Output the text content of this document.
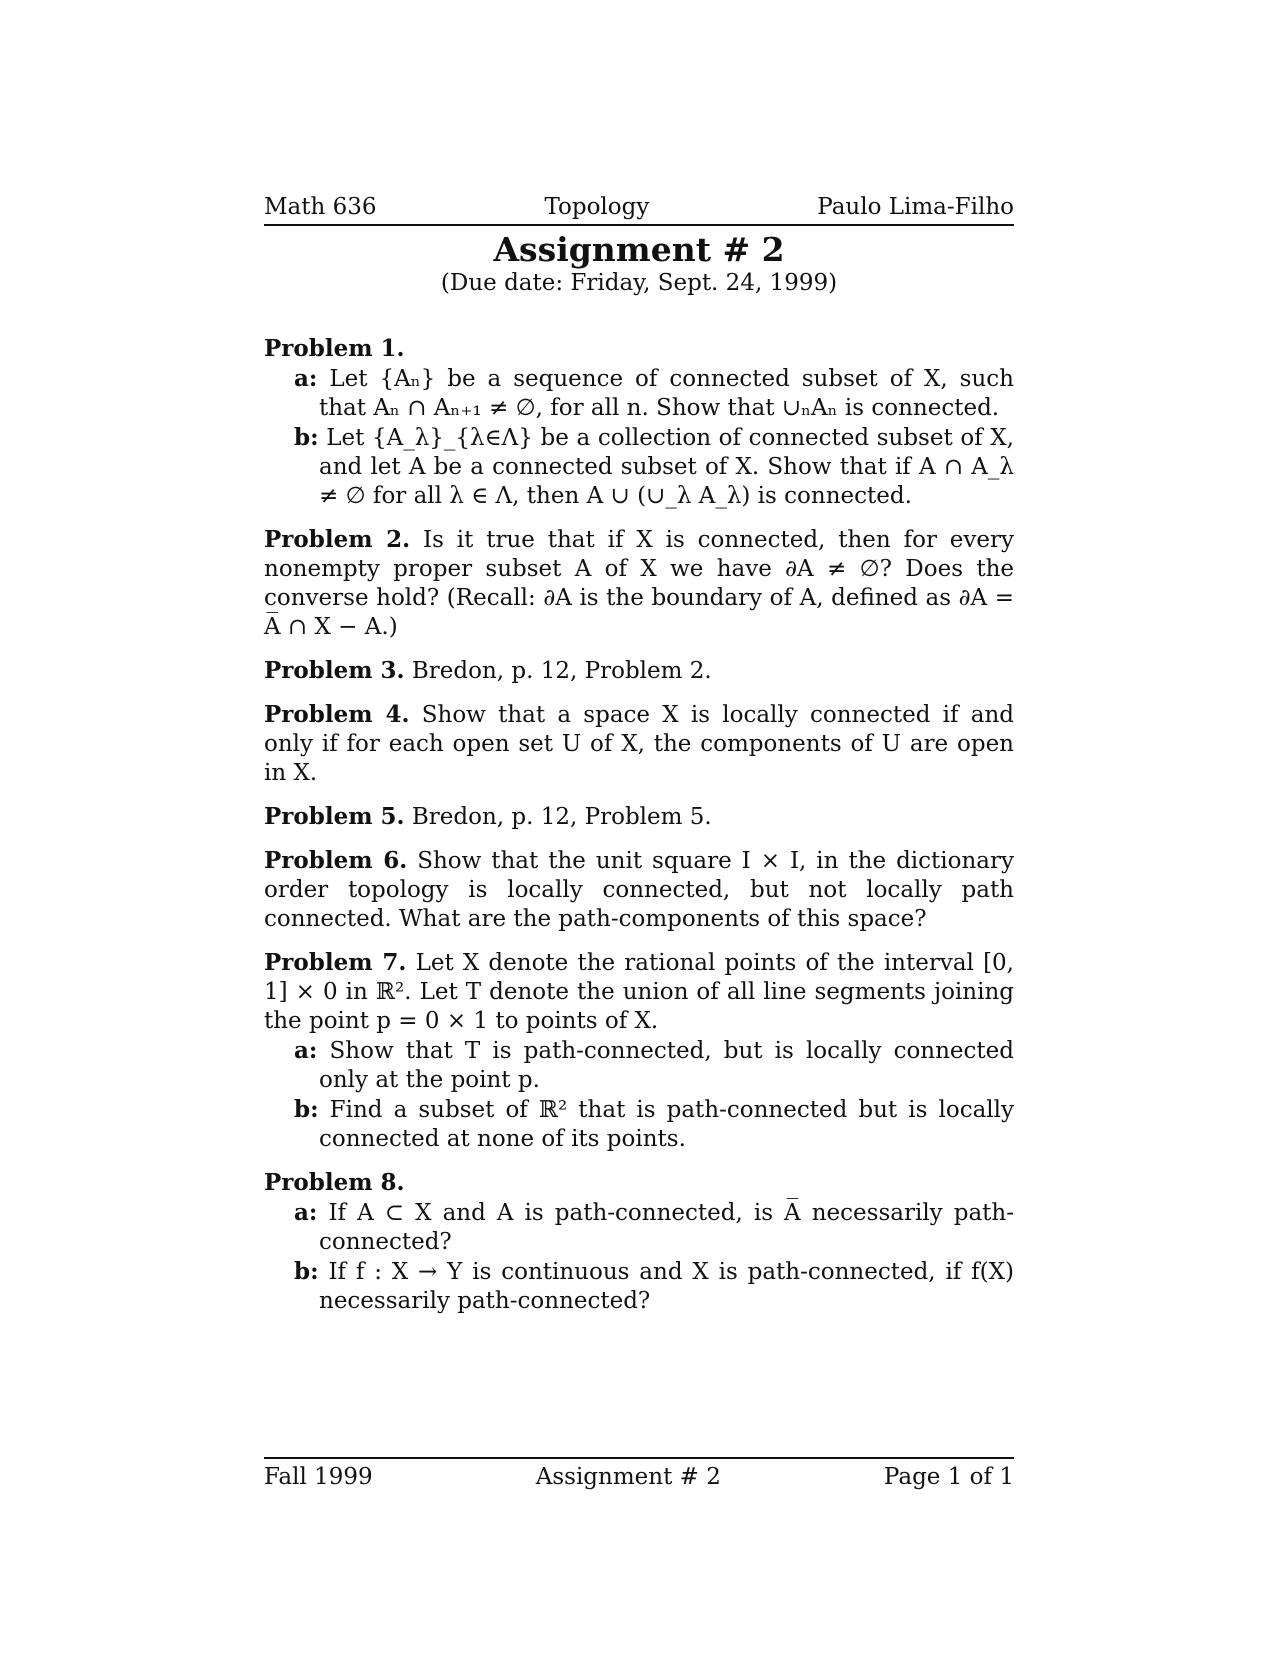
Math 636	Topology	Paulo Lima-Filho
Assignment # 2
(Due date: Friday, Sept. 24, 1999)
Problem 1.
a: Let {Aₙ} be a sequence of connected subset of X, such that Aₙ ∩ Aₙ₊₁ ≠ ∅, for all n. Show that ∪ₙAₙ is connected.
b: Let {A_λ}_{λ∈Λ} be a collection of connected subset of X, and let A be a connected subset of X. Show that if A ∩ A_λ ≠ ∅ for all λ ∈ Λ, then A ∪ (∪_λ A_λ) is connected.
Problem 2. Is it true that if X is connected, then for every nonempty proper subset A of X we have ∂A ≠ ∅? Does the converse hold? (Recall: ∂A is the boundary of A, defined as ∂A = A̅ ∩ X − A.)
Problem 3. Bredon, p. 12, Problem 2.
Problem 4. Show that a space X is locally connected if and only if for each open set U of X, the components of U are open in X.
Problem 5. Bredon, p. 12, Problem 5.
Problem 6. Show that the unit square I × I, in the dictionary order topology is locally connected, but not locally path connected. What are the path-components of this space?
Problem 7. Let X denote the rational points of the interval [0, 1] × 0 in ℝ². Let T denote the union of all line segments joining the point p = 0 × 1 to points of X.
a: Show that T is path-connected, but is locally connected only at the point p.
b: Find a subset of ℝ² that is path-connected but is locally connected at none of its points.
Problem 8.
a: If A ⊂ X and A is path-connected, is A̅ necessarily path-connected?
b: If f : X → Y is continuous and X is path-connected, if f(X) necessarily path-connected?
Fall 1999	Assignment # 2	Page 1 of 1
